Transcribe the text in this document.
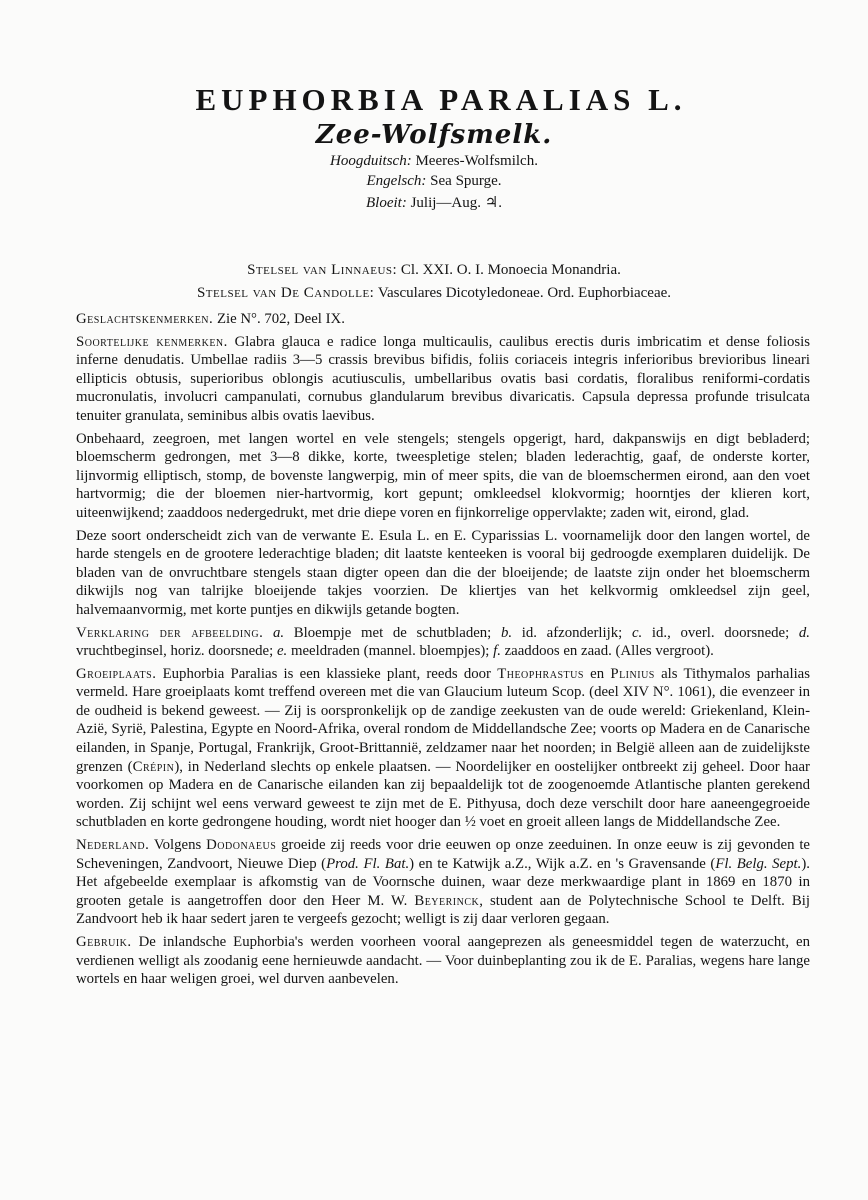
EUPHORBIA PARALIAS L.
Zee-Wolfsmelk.
Hoogduitsch: Meeres-Wolfsmilch.
Engelsch: Sea Spurge.
Bloeit: Julij—Aug. ♃.
Stelsel van Linnaeus: Cl. XXI. O. I. Monoecia Monandria.
Stelsel van De Candolle: Vasculares Dicotyledoneae. Ord. Euphorbiaceae.

Geslachtskenmerken. Zie N°. 702, Deel IX.

Soortelijke kenmerken. Glabra glauca e radice longa multicaulis, caulibus erectis duris imbricatim et dense foliosis inferne denudatis. Umbellae radiis 3—5 crassis brevibus bifidis, foliis coriaceis integris inferioribus brevioribus lineari ellipticis obtusis, superioribus oblongis acutiusculis, umbellaribus ovatis basi cordatis, floralibus reniformi-cordatis mucronulatis, involucri campanulati, cornubus glandularum brevibus divaricatis. Capsula depressa profunde trisulcata tenuiter granulata, seminibus albis ovatis laevibus.

Onbehaard, zeegroen, met langen wortel en vele stengels; stengels opgerigt, hard, dakpanswijs en digt bebladerd; bloemscherm gedrongen, met 3—8 dikke, korte, tweespletige stelen; bladen lederachtig, gaaf, de onderste korter, lijnvormig elliptisch, stomp, de bovenste langwerpig, min of meer spits, die van de bloemschermen eirond, aan den voet hartvormig; die der bloemen nier-hartvormig, kort gepunt; omkleedsel klokvormig; hoorntjes der klieren kort, uiteenwijkend; zaaddoos nedergedrukt, met drie diepe voren en fijnkorrelige oppervlakte; zaden wit, eirond, glad.

Deze soort onderscheidt zich van de verwante E. Esula L. en E. Cyparissias L. voornamelijk door den langen wortel, de harde stengels en de grootere lederachtige bladen; dit laatste kenteeken is vooral bij gedroogde exemplaren duidelijk. De bladen van de onvruchtbare stengels staan digter opeen dan die der bloeijende; de laatste zijn onder het bloemscherm dikwijls nog van talrijke bloeijende takjes voorzien. De kliertjes van het kelkvormig omkleedsel zijn geel, halvemaanvormig, met korte puntjes en dikwijls getande bogten.

Verklaring der afbeelding. a. Bloempje met de schutbladen; b. id. afzonderlijk; c. id., overl. doorsnede; d. vruchtbeginsel, horiz. doorsnede; e. meeldraden (mannel. bloempjes); f. zaaddoos en zaad. (Alles vergroot).

Groeiplaats. Euphorbia Paralias is een klassieke plant, reeds door Theophrastus en Plinius als Tithymalos parhalias vermeld. Hare groeiplaats komt treffend overeen met die van Glaucium luteum Scop. (deel XIV N°. 1061), die evenzeer in de oudheid is bekend geweest. — Zij is oorspronkelijk op de zandige zeekusten van de oude wereld: Griekenland, Klein-Azië, Syrië, Palestina, Egypte en Noord-Afrika, overal rondom de Middellandsche Zee; voorts op Madera en de Canarische eilanden, in Spanje, Portugal, Frankrijk, Groot-Brittannië, zeldzamer naar het noorden; in België alleen aan de zuidelijkste grenzen (Crépin), in Nederland slechts op enkele plaatsen. — Noordelijker en oostelijker ontbreekt zij geheel. Door haar voorkomen op Madera en de Canarische eilanden kan zij bepaaldelijk tot de zoogenoemde Atlantische planten gerekend worden. Zij schijnt wel eens verward geweest te zijn met de E. Pithyusa, doch deze verschilt door hare aaneengegroeide schutbladen en korte gedrongene houding, wordt niet hooger dan ½ voet en groeit alleen langs de Middellandsche Zee.

Nederland. Volgens Dodonaeus groeide zij reeds voor drie eeuwen op onze zeeduinen. In onze eeuw is zij gevonden te Scheveningen, Zandvoort, Nieuwe Diep (Prod. Fl. Bat.) en te Katwijk a.Z., Wijk a.Z. en 's Gravensande (Fl. Belg. Sept.). Het afgebeelde exemplaar is afkomstig van de Voornsche duinen, waar deze merkwaardige plant in 1869 en 1870 in grooten getale is aangetroffen door den Heer M. W. Beyerinck, student aan de Polytechnische School te Delft. Bij Zandvoort heb ik haar sedert jaren te vergeefs gezocht; welligt is zij daar verloren gegaan.

Gebruik. De inlandsche Euphorbia's werden voorheen vooral aangeprezen als geneesmiddel tegen de waterzucht, en verdienen welligt als zoodanig eene hernieuwde aandacht. — Voor duinbeplanting zou ik de E. Paralias, wegens hare lange wortels en haar weligen groei, wel durven aanbevelen.
